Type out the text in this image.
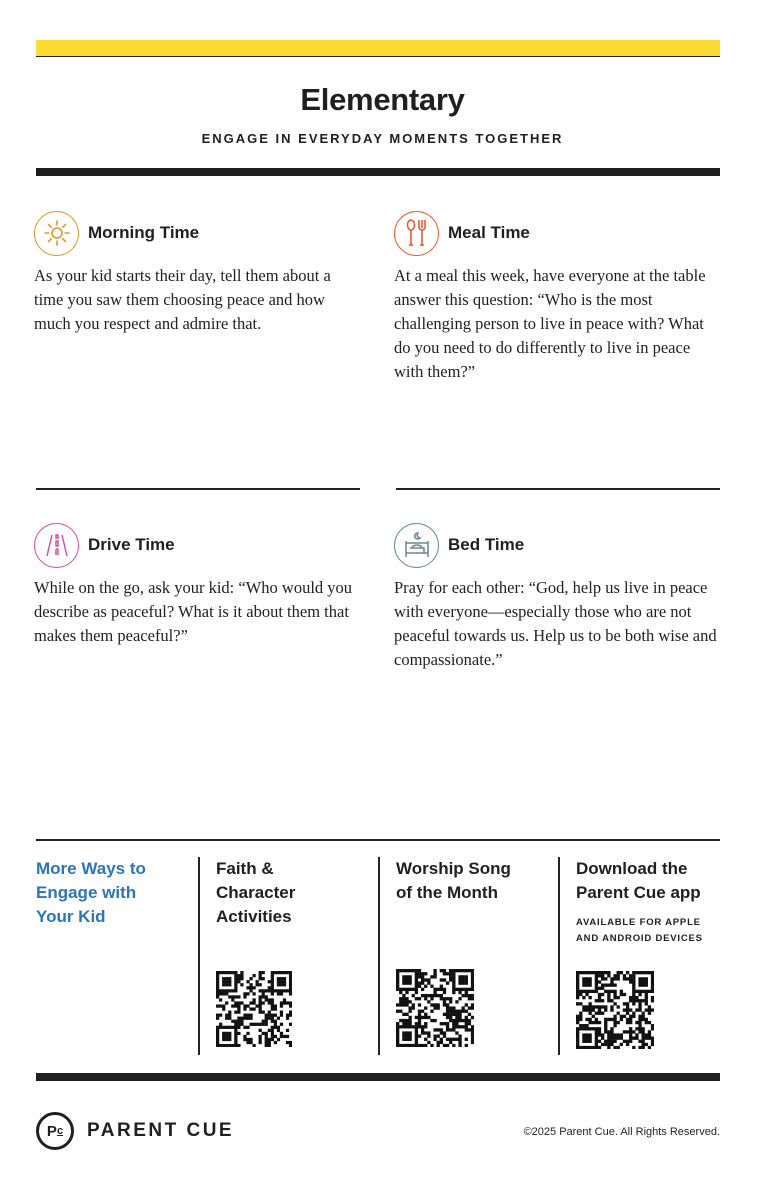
Elementary
ENGAGE IN EVERYDAY MOMENTS TOGETHER
Morning Time
As your kid starts their day, tell them about a time you saw them choosing peace and how much you respect and admire that.
Meal Time
At a meal this week, have everyone at the table answer this question: “Who is the most challenging person to live in peace with? What do you need to do differently to live in peace with them?”
Drive Time
While on the go, ask your kid: “Who would you describe as peaceful? What is it about them that makes them peaceful?”
Bed Time
Pray for each other: “God, help us live in peace with everyone—especially those who are not peaceful towards us. Help us to be both wise and compassionate.”
More Ways to Engage with Your Kid
Faith & Character Activities
Worship Song of the Month
Download the Parent Cue app
AVAILABLE FOR APPLE AND ANDROID DEVICES
P c PARENT CUE	©2025 Parent Cue. All Rights Reserved.
